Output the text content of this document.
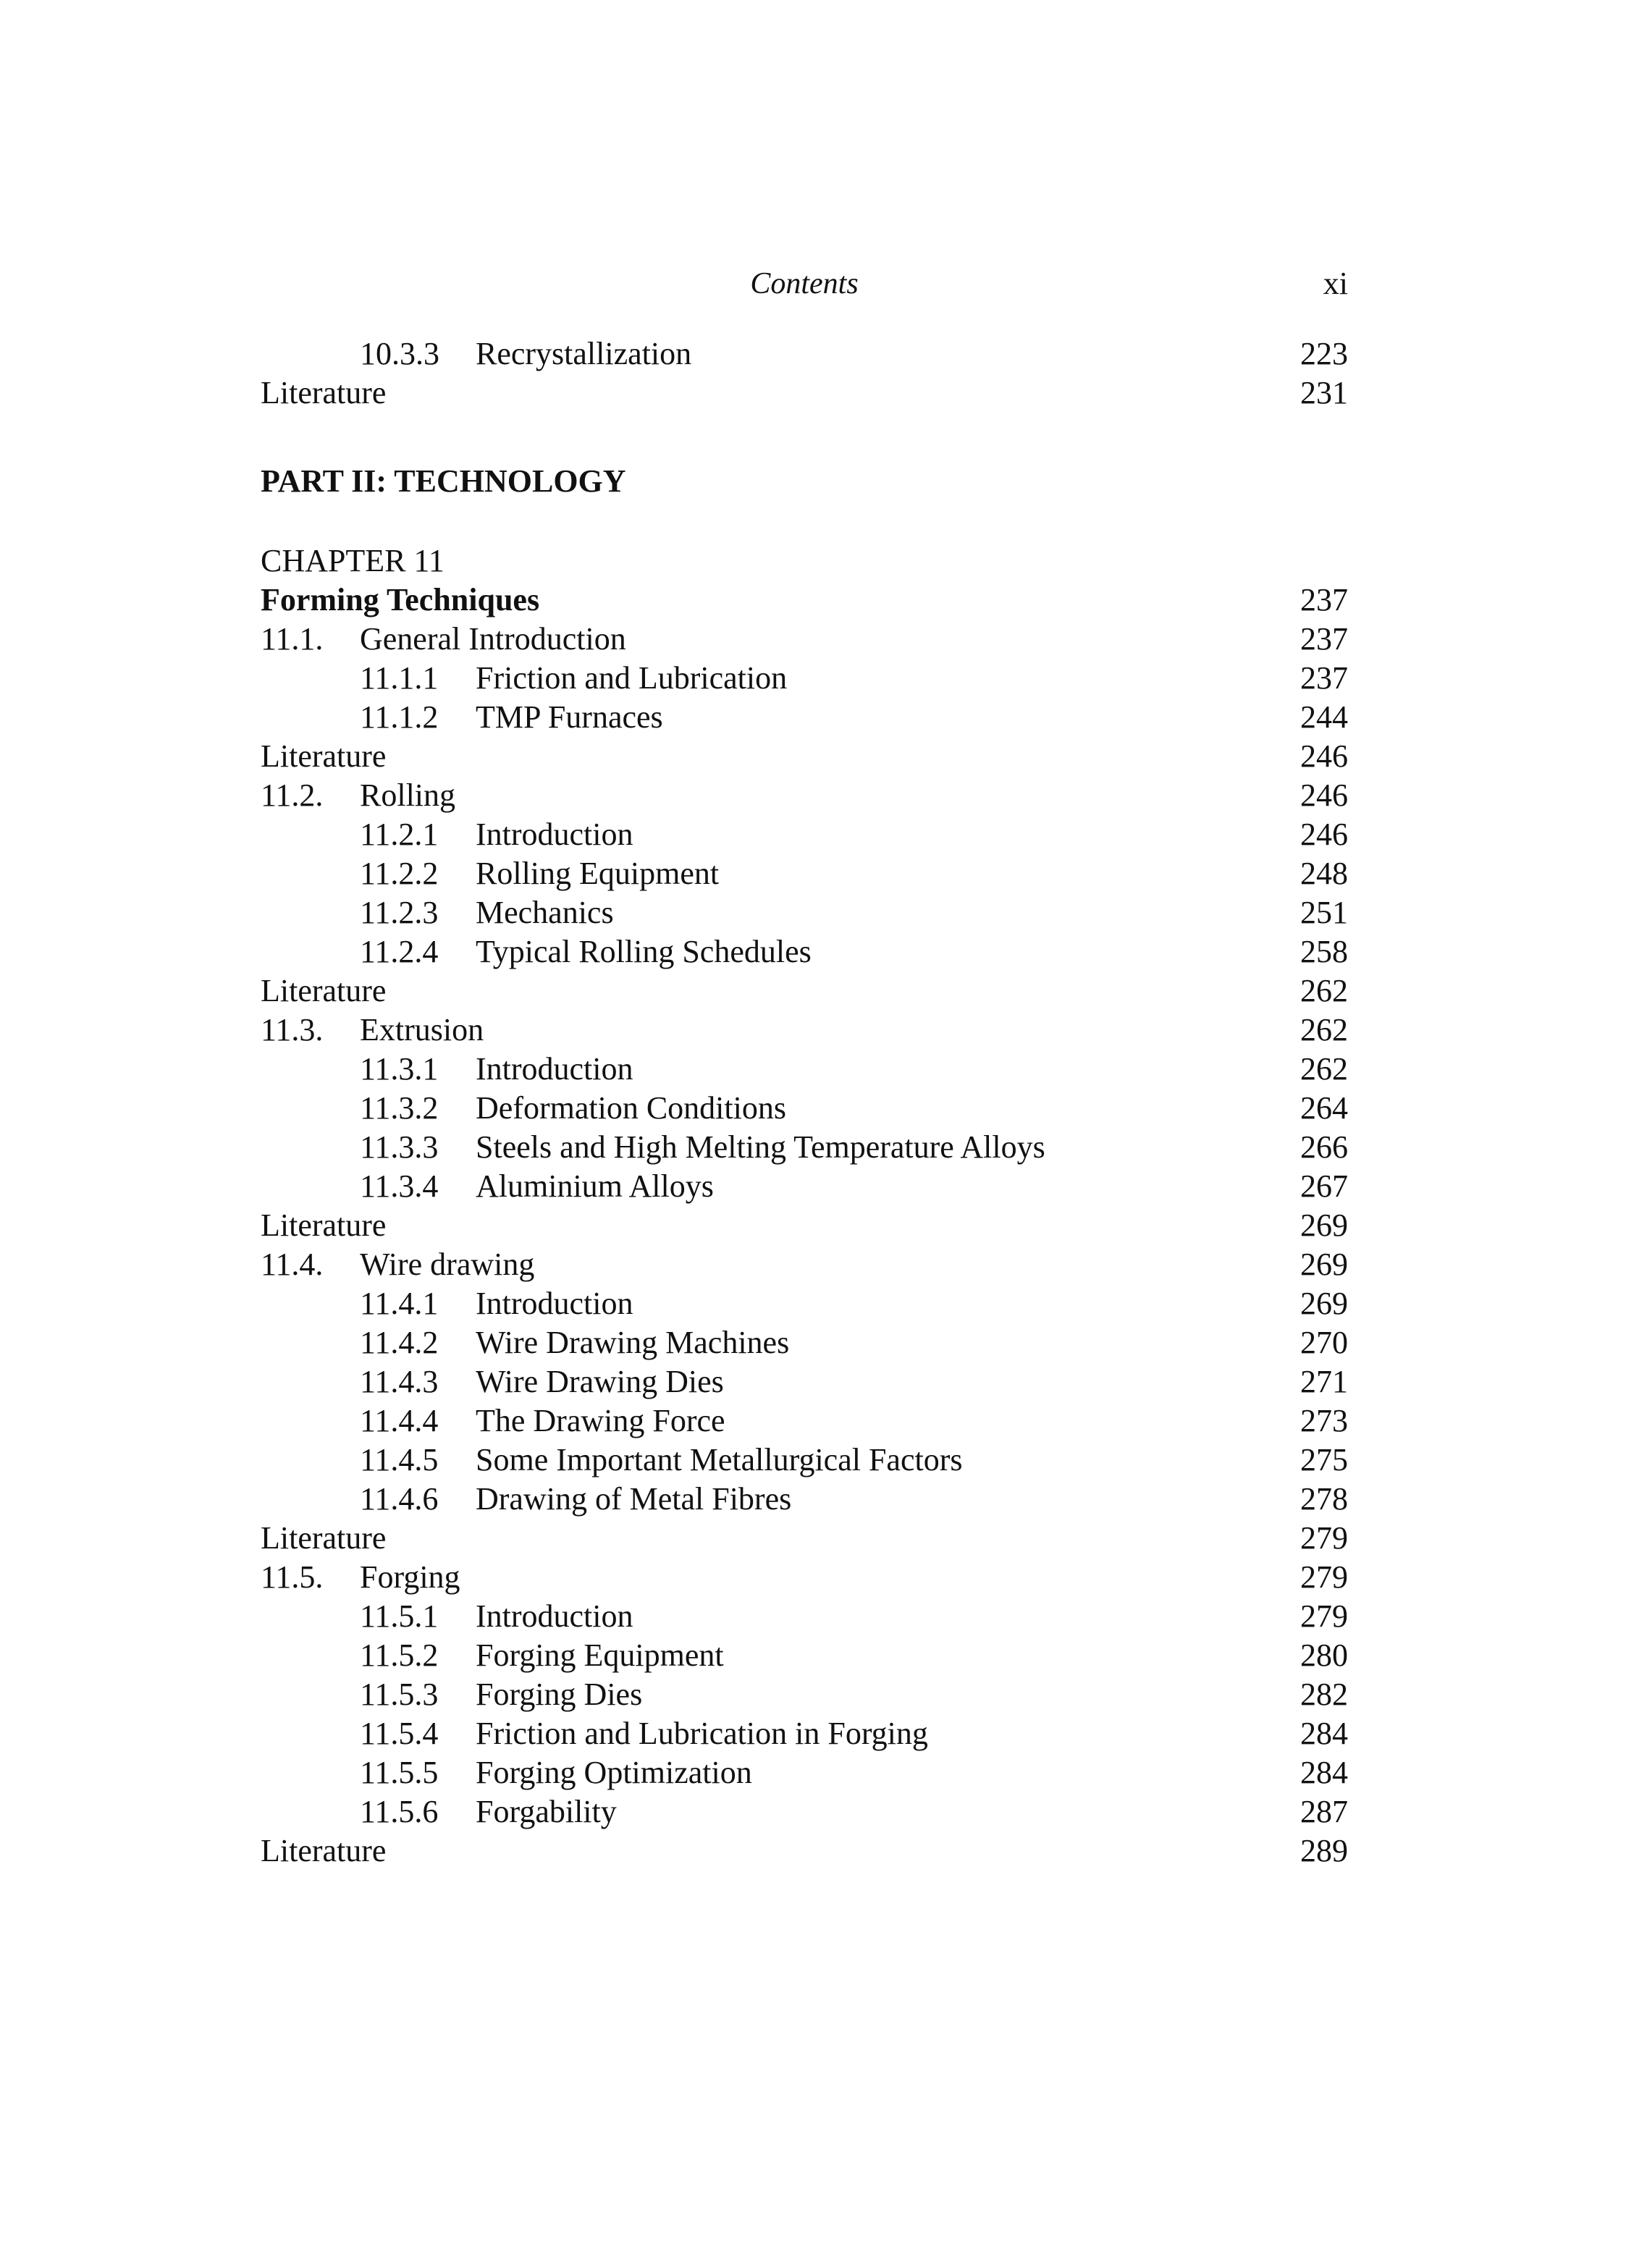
Contents	xi
10.3.3 Recrystallization	223
Literature	231
PART II: TECHNOLOGY
CHAPTER 11
Forming Techniques	237
11.1. General Introduction	237
11.1.1 Friction and Lubrication	237
11.1.2 TMP Furnaces	244
Literature	246
11.2. Rolling	246
11.2.1 Introduction	246
11.2.2 Rolling Equipment	248
11.2.3 Mechanics	251
11.2.4 Typical Rolling Schedules	258
Literature	262
11.3. Extrusion	262
11.3.1 Introduction	262
11.3.2 Deformation Conditions	264
11.3.3 Steels and High Melting Temperature Alloys	266
11.3.4 Aluminium Alloys	267
Literature	269
11.4. Wire drawing	269
11.4.1 Introduction	269
11.4.2 Wire Drawing Machines	270
11.4.3 Wire Drawing Dies	271
11.4.4 The Drawing Force	273
11.4.5 Some Important Metallurgical Factors	275
11.4.6 Drawing of Metal Fibres	278
Literature	279
11.5. Forging	279
11.5.1 Introduction	279
11.5.2 Forging Equipment	280
11.5.3 Forging Dies	282
11.5.4 Friction and Lubrication in Forging	284
11.5.5 Forging Optimization	284
11.5.6 Forgability	287
Literature	289
